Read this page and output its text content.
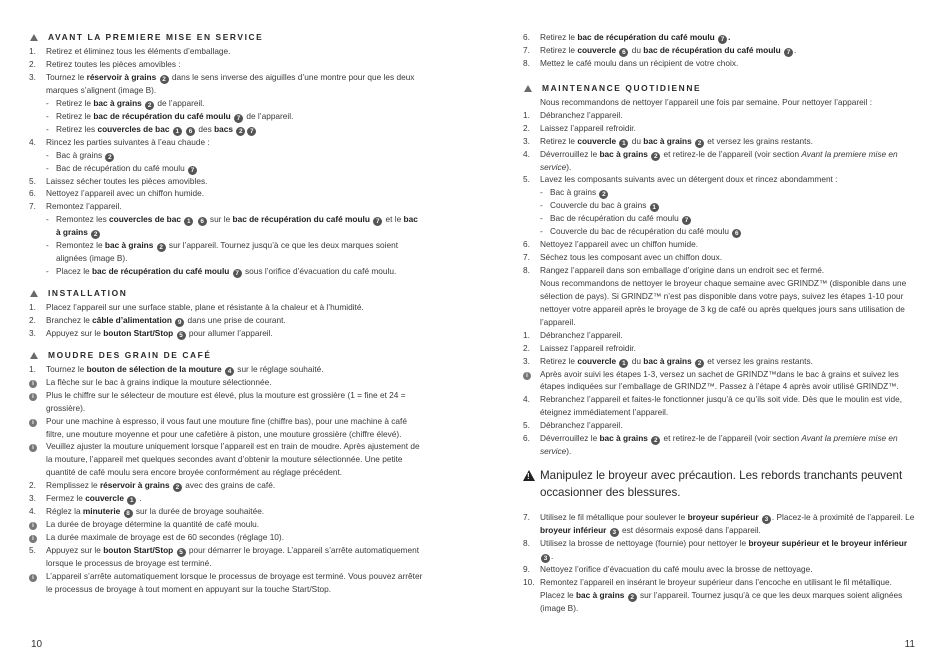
AVANT LA PREMIERE MISE EN SERVICE
1.	Retirez et éliminez tous les éléments d’emballage.
2.	Retirez toutes les pièces amovibles :
3.	Tournez le réservoir à grains 2 dans le sens inverse des aiguilles d’une montre pour que les deux marques s’alignent (image B).
- Retirez le bac à grains 2 de l’appareil.
- Retirez le bac de récupération du café moulu 7 de l’appareil.
- Retirez les couvercles de bac 1 6 des bacs 2 7
4.	Rincez les parties suivantes à l’eau chaude :
- Bac à grains 2
- Bac de récupération du café moulu 7
5.	Laissez sécher toutes les pièces amovibles.
6.	Nettoyez l’appareil avec un chiffon humide.
7.	Remontez l’appareil.
- Remontez les couvercles de bac 1 6 sur le bac de récupération du café moulu 7 et le bac à grains 2
- Remontez le bac à grains 2 sur l’appareil. Tournez jusqu’à ce que les deux marques soient alignées (image B).
- Placez le bac de récupération du café moulu 7 sous l’orifice d’évacuation du café moulu.
INSTALLATION
1.	Placez l’appareil sur une surface stable, plane et résistante à la chaleur et à l’humidité.
2.	Branchez le câble d’alimentation 9 dans une prise de courant.
3.	Appuyez sur le bouton Start/Stop 5 pour allumer l’appareil.
MOUDRE DES GRAIN DE CAFÉ
1.	Tournez le bouton de sélection de la mouture 4 sur le réglage souhaité.
i	La flèche sur le bac à grains indique la mouture sélectionnée.
i	Plus le chiffre sur le sélecteur de mouture est élevé, plus la mouture est grossière (1 = fine et 24 = grossière).
i	Pour une machine à espresso, il vous faut une mouture fine (chiffre bas), pour une machine à café filtre, une mouture moyenne et pour une cafetière à piston, une mouture grossière (chiffre élevé).
i	Veuillez ajuster la mouture uniquement lorsque l’appareil est en train de moudre. Après ajustement de la mouture, l’appareil met quelques secondes avant d’obtenir la mouture sélectionnée. Une petite quantité de café moulu sera encore broyée conformément au réglage précédent.
2.	Remplissez le réservoir à grains 2 avec des grains de café.
3.	Fermez le couvercle 1 .
4.	Réglez la minuterie 8 sur la durée de broyage souhaitée.
i	La durée de broyage détermine la quantité de café moulu.
i	La durée maximale de broyage est de 60 secondes (réglage 10).
5.	Appuyez sur le bouton Start/Stop 5 pour démarrer le broyage. L’appareil s’arrête automatiquement lorsque le processus de broyage est terminé.
i	L’appareil s’arrête automatiquement lorsque le processus de broyage est terminé. Vous pouvez arrêter le processus de broyage à tout moment en appuyant sur la touche Start/Stop.
6.	Retirez le bac de récupération du café moulu 7 .
7.	Retirez le couvercle 6 du bac de récupération du café moulu 7 .
8.	Mettez le café moulu dans un récipient de votre choix.
MAINTENANCE QUOTIDIENNE
Nous recommandons de nettoyer l’appareil une fois par semaine. Pour nettoyer l’appareil :
1.	Débranchez l’appareil.
2.	Laissez l’appareil refroidir.
3.	Retirez le couvercle 1 du bac à grains 2 et versez les grains restants.
4.	Déverrouillez le bac à grains 2 et retirez-le de l’appareil (voir section Avant la premiere mise en service).
5.	Lavez les composants suivants avec un détergent doux et rincez abondamment :
- Bac à grains 2
- Couvercle du bac à grains 1
- Bac de récupération du café moulu 7
- Couvercle du bac de récupération du café moulu 6
6.	Nettoyez l’appareil avec un chiffon humide.
7.	Séchez tous les composant avec un chiffon doux.
8.	Rangez l’appareil dans son emballage d’origine dans un endroit sec et fermé.
Nous recommandons de nettoyer le broyeur chaque semaine avec GRINDZ™ (disponible dans une sélection de pays). Si GRINDZ™ n’est pas disponible dans votre pays, suivez les étapes 1-10 pour nettoyer votre appareil après le broyage de 3 kg de café ou après quelques jours sans utilisation de l’appareil.
1.	Débranchez l’appareil.
2.	Laissez l’appareil refroidir.
3.	Retirez le couvercle 1 du bac à grains 2 et versez les grains restants.
i	Après avoir suivi les étapes 1-3, versez un sachet de GRINDZ™dans le bac à grains et suivez les étapes indiquées sur l’emballage de GRINDZ™. Passez à l’étape 4 après avoir utilisé GRINDZ™.
4.	Rebranchez l’appareil et faites-le fonctionner jusqu’à ce qu’ils soit vide. Dès que le moulin est vide, éteignez immédiatement l’appareil.
5.	Débranchez l’appareil.
6.	Déverrouillez le bac à grains 2 et retirez-le de l’appareil (voir section Avant la premiere mise en service).
! Manipulez le broyeur avec précaution. Les rebords tranchants peuvent occasionner des blessures.
7.	Utilisez le fil métallique pour soulever le broyeur supérieur 3 . Placez-le à proximité de l’appareil. Le broyeur inférieur 3 est désormais exposé dans l’appareil.
8.	Utilisez la brosse de nettoyage (fournie) pour nettoyer le broyeur supérieur et le broyeur inférieur 3 .
9.	Nettoyez l’orifice d’évacuation du café moulu avec la brosse de nettoyage.
10. Remontez l’appareil en insérant le broyeur supérieur dans l’encoche en utilisant le fil métallique. Placez le bac à grains 2 sur l’appareil. Tournez jusqu’à ce que les deux marques soient alignées (image B).
10	11
